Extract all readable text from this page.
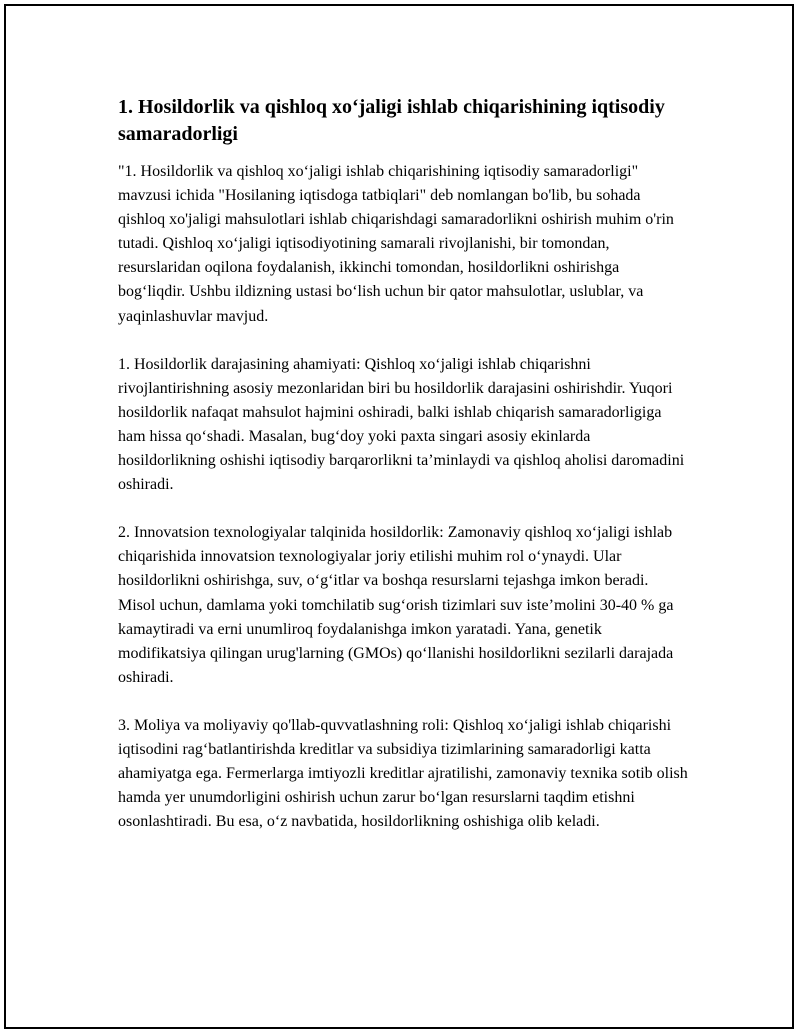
1. Hosildorlik va qishloq xo‘jaligi ishlab chiqarishining iqtisodiy samaradorligi

"1. Hosildorlik va qishloq xo‘jaligi ishlab chiqarishining iqtisodiy samaradorligi" mavzusi ichida "Hosilaning iqtisdoga tatbiqlari" deb nomlangan bo'lib, bu sohada qishloq xo'jaligi mahsulotlari ishlab chiqarishdagi samaradorlikni oshirish muhim o'rin tutadi. Qishloq xo‘jaligi iqtisodiyotining samarali rivojlanishi, bir tomondan, resurslaridan oqilona foydalanish, ikkinchi tomondan, hosildorlikni oshirishga bog‘liqdir. Ushbu ildizning ustasi bo‘lish uchun bir qator mahsulotlar, uslublar, va yaqinlashuvlar mavjud.

1. Hosildorlik darajasining ahamiyati: Qishloq xo‘jaligi ishlab chiqarishni rivojlantirishning asosiy mezonlaridan biri bu hosildorlik darajasini oshirishdir. Yuqori hosildorlik nafaqat mahsulot hajmini oshiradi, balki ishlab chiqarish samaradorligiga ham hissa qo‘shadi. Masalan, bug‘doy yoki paxta singari asosiy ekinlarda hosildorlikning oshishi iqtisodiy barqarorlikni ta’minlaydi va qishloq aholisi daromadini oshiradi.

2. Innovatsion texnologiyalar talqinida hosildorlik: Zamonaviy qishloq xo‘jaligi ishlab chiqarishida innovatsion texnologiyalar joriy etilishi muhim rol o‘ynaydi. Ular hosildorlikni oshirishga, suv, o‘g‘itlar va boshqa resurslarni tejashga imkon beradi. Misol uchun, damlama yoki tomchilatib sug‘orish tizimlari suv iste’molini 30-40 % ga kamaytiradi va erni unumliroq foydalanishga imkon yaratadi. Yana, genetik modifikatsiya qilingan urug'larning (GMOs) qo‘llanishi hosildorlikni sezilarli darajada oshiradi.

3. Moliya va moliyaviy qo'llab-quvvatlashning roli: Qishloq xo‘jaligi ishlab chiqarishi iqtisodini rag‘batlantirishda kreditlar va subsidiya tizimlarining samaradorligi katta ahamiyatga ega. Fermerlarga imtiyozli kreditlar ajratilishi, zamonaviy texnika sotib olish hamda yer unumdorligini oshirish uchun zarur bo‘lgan resurslarni taqdim etishni osonlashtiradi. Bu esa, o‘z navbatida, hosildorlikning oshishiga olib keladi.
